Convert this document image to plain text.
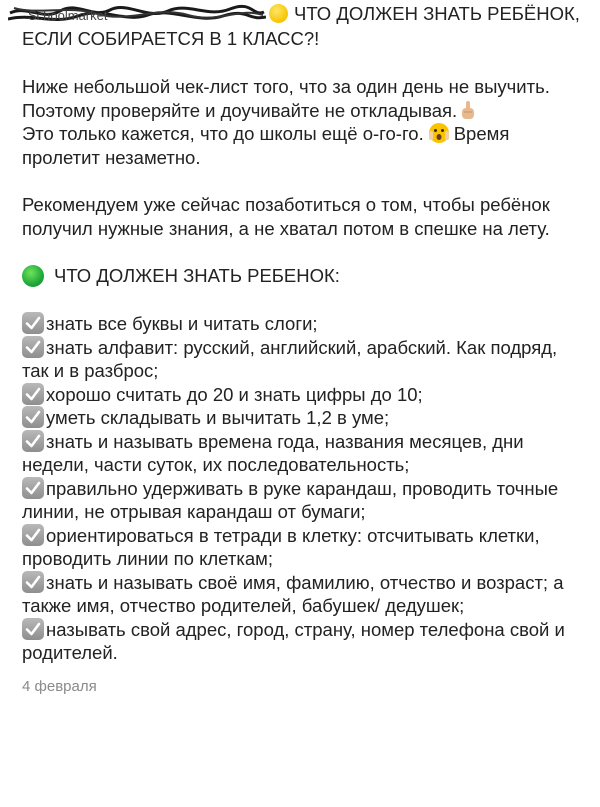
Schoolmarket	ЧТО ДОЛЖЕН ЗНАТЬ РЕБЁНОК,
ЕСЛИ СОБИРАЕТСЯ В 1 КЛАСС?!

Ниже небольшой чек-лист того, что за один день не выучить. Поэтому проверяйте и доучивайте не откладывая.

Это только кажется, что до школы ещё о-го-го. Время пролетит незаметно.

Рекомендуем уже сейчас позаботиться о том, чтобы ребёнок получил нужные знания, а не хватал потом в спешке на лету.

ЧТО ДОЛЖЕН ЗНАТЬ РЕБЕНОК:

знать все буквы и читать слоги;

знать алфавит: русский, английский, арабский. Как подряд, так и в разброс;

хорошо считать до 20 и знать цифры до 10;

уметь складывать и вычитать 1,2 в уме;

знать и называть времена года, названия месяцев, дни недели, части суток, их последовательность;

правильно удерживать в руке карандаш, проводить точные линии, не отрывая карандаш от бумаги;

ориентироваться в тетради в клетку: отсчитывать клетки, проводить линии по клеткам;

знать и называть своё имя, фамилию, отчество и возраст; а также имя, отчество родителей, бабушек/ дедушек;

называть свой адрес, город, страну, номер телефона свой и родителей.

4 февраля
